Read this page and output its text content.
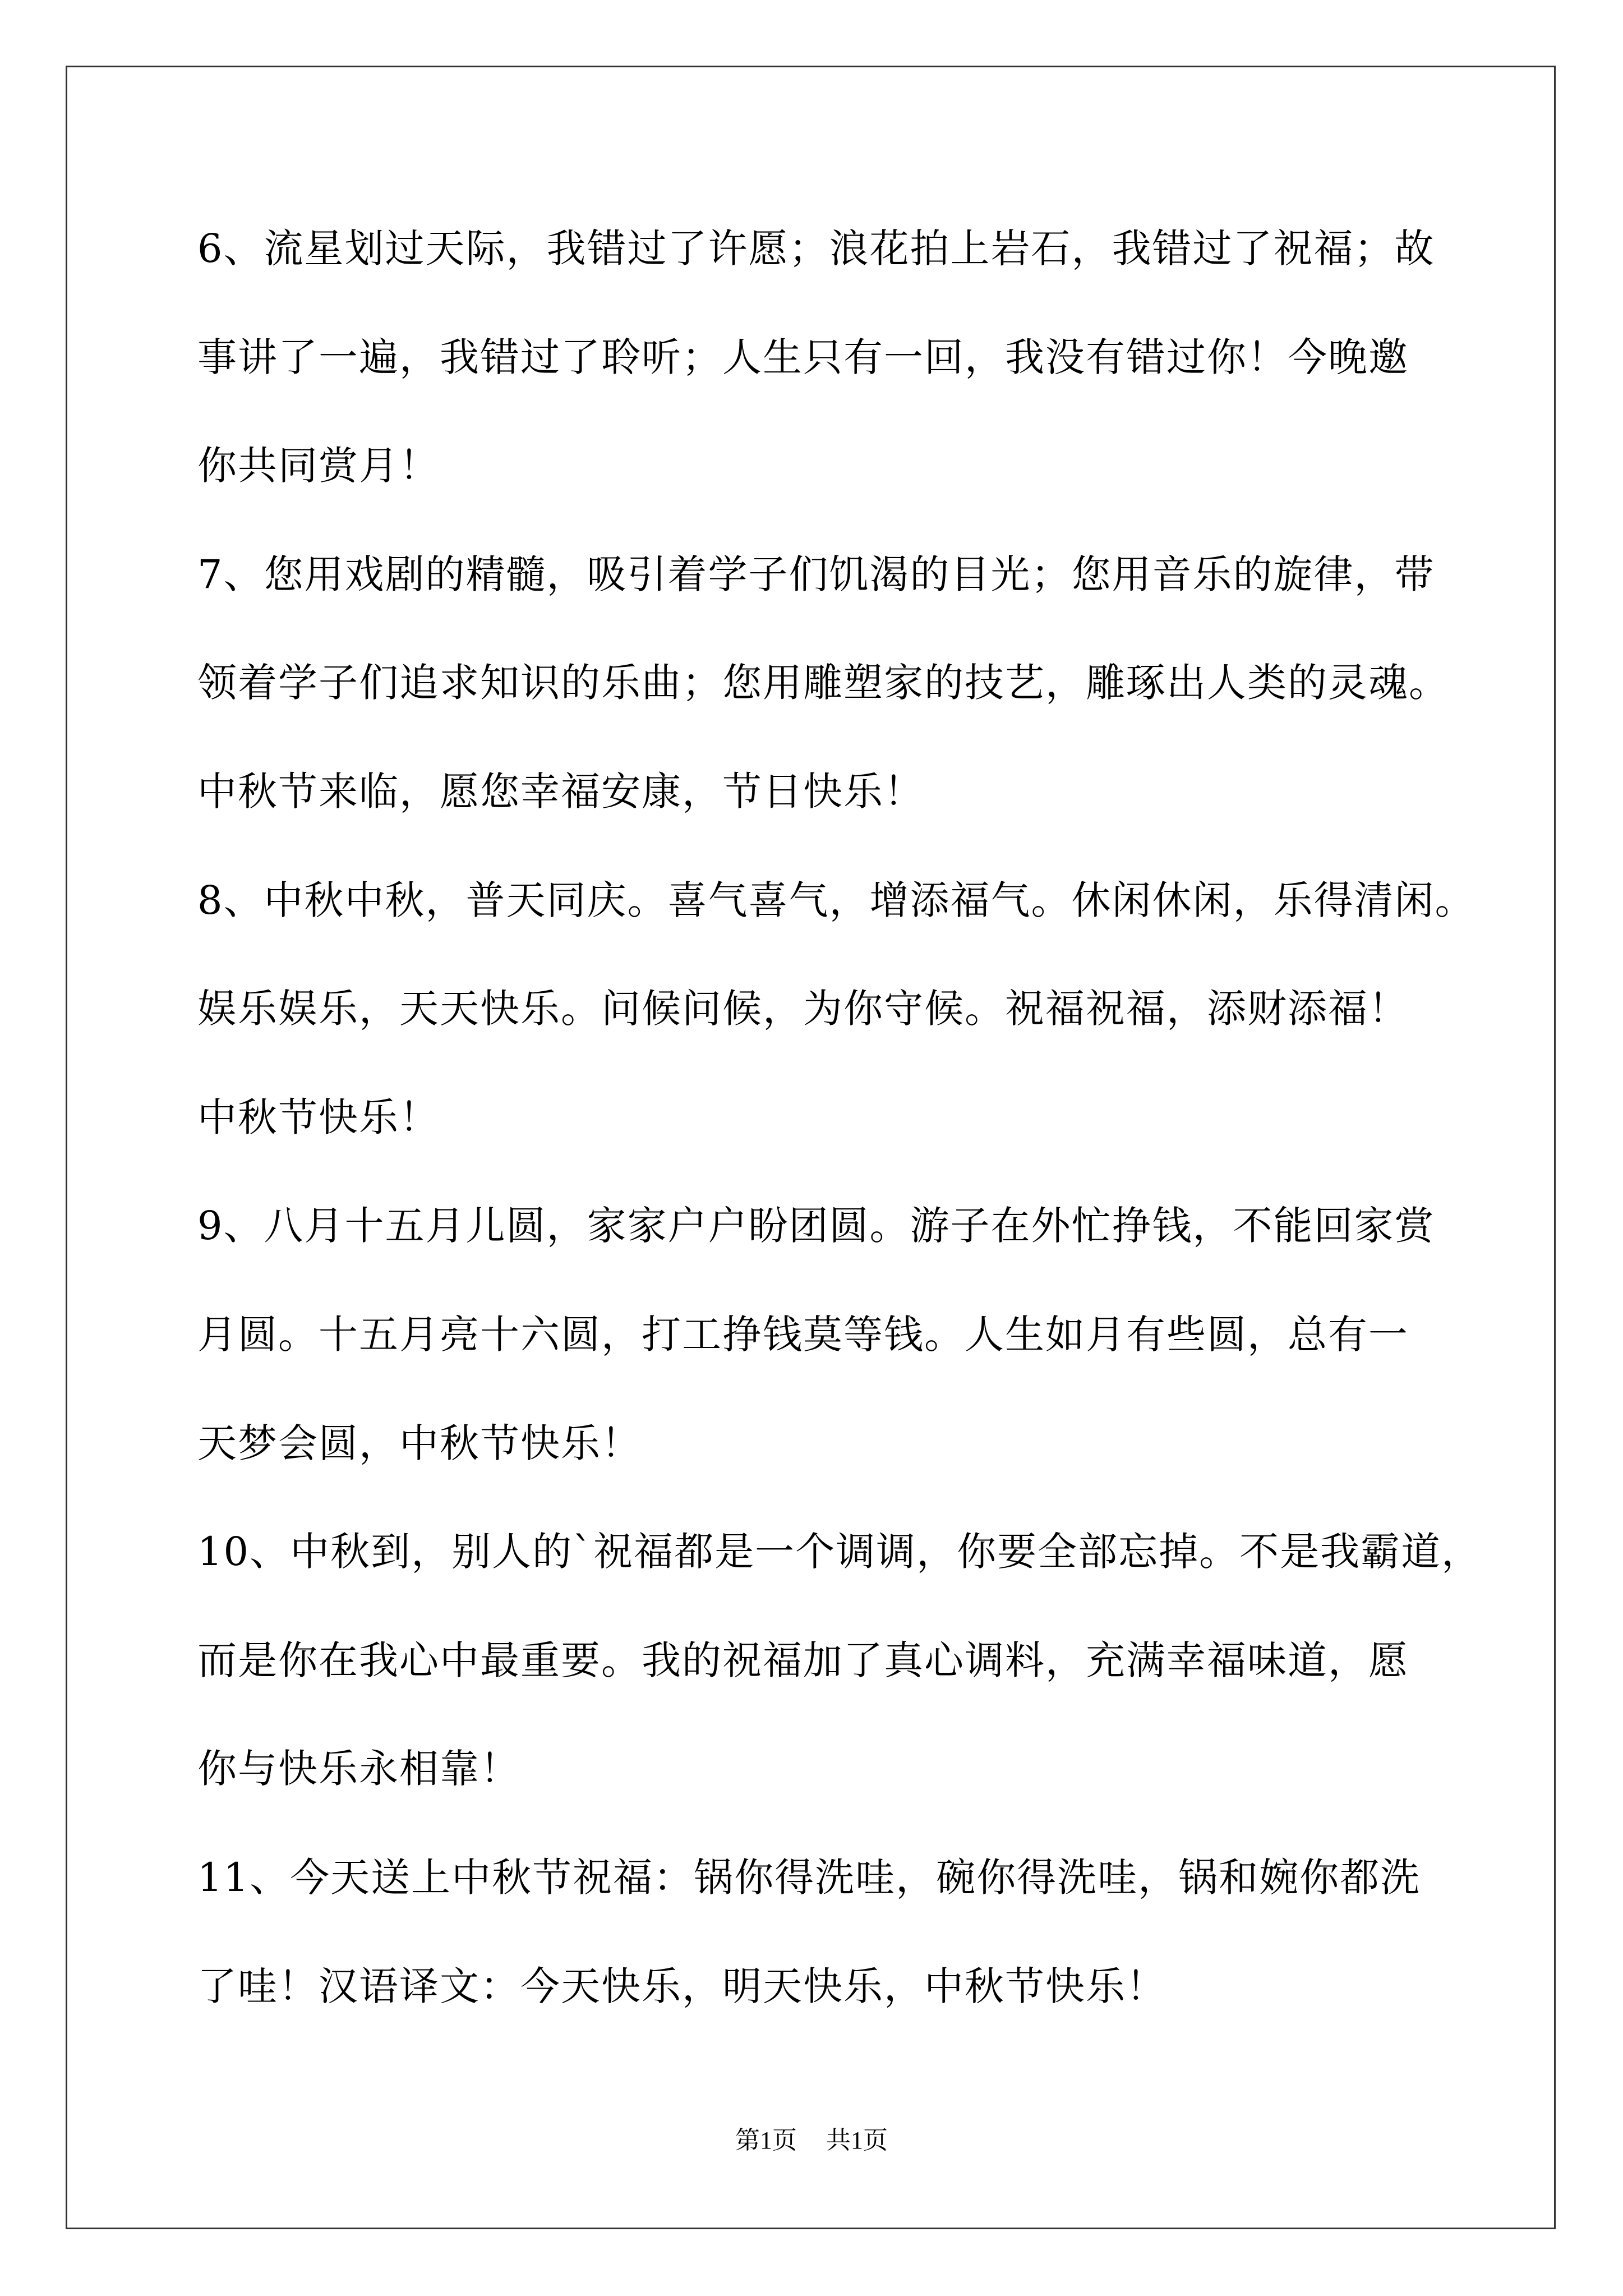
6、流星划过天际，我错过了许愿；浪花拍上岩石，我错过了祝福；故
事讲了一遍，我错过了聆听；人生只有一回，我没有错过你！今晚邀
你共同赏月！
7、您用戏剧的精髓，吸引着学子们饥渴的目光；您用音乐的旋律，带
领着学子们追求知识的乐曲；您用雕塑家的技艺，雕琢出人类的灵魂。
中秋节来临，愿您幸福安康，节日快乐！
8、中秋中秋，普天同庆。喜气喜气，增添福气。休闲休闲，乐得清闲。
娱乐娱乐，天天快乐。问候问候，为你守候。祝福祝福，添财添福！
中秋节快乐！
9、八月十五月儿圆，家家户户盼团圆。游子在外忙挣钱，不能回家赏
月圆。十五月亮十六圆，打工挣钱莫等钱。人生如月有些圆，总有一
天梦会圆，中秋节快乐！
10、中秋到，别人的`祝福都是一个调调，你要全部忘掉。不是我霸道，
而是你在我心中最重要。我的祝福加了真心调料，充满幸福味道，愿
你与快乐永相靠！
11、今天送上中秋节祝福：锅你得洗哇，碗你得洗哇，锅和婉你都洗
了哇！汉语译文：今天快乐，明天快乐，中秋节快乐！
第1页 共1页
